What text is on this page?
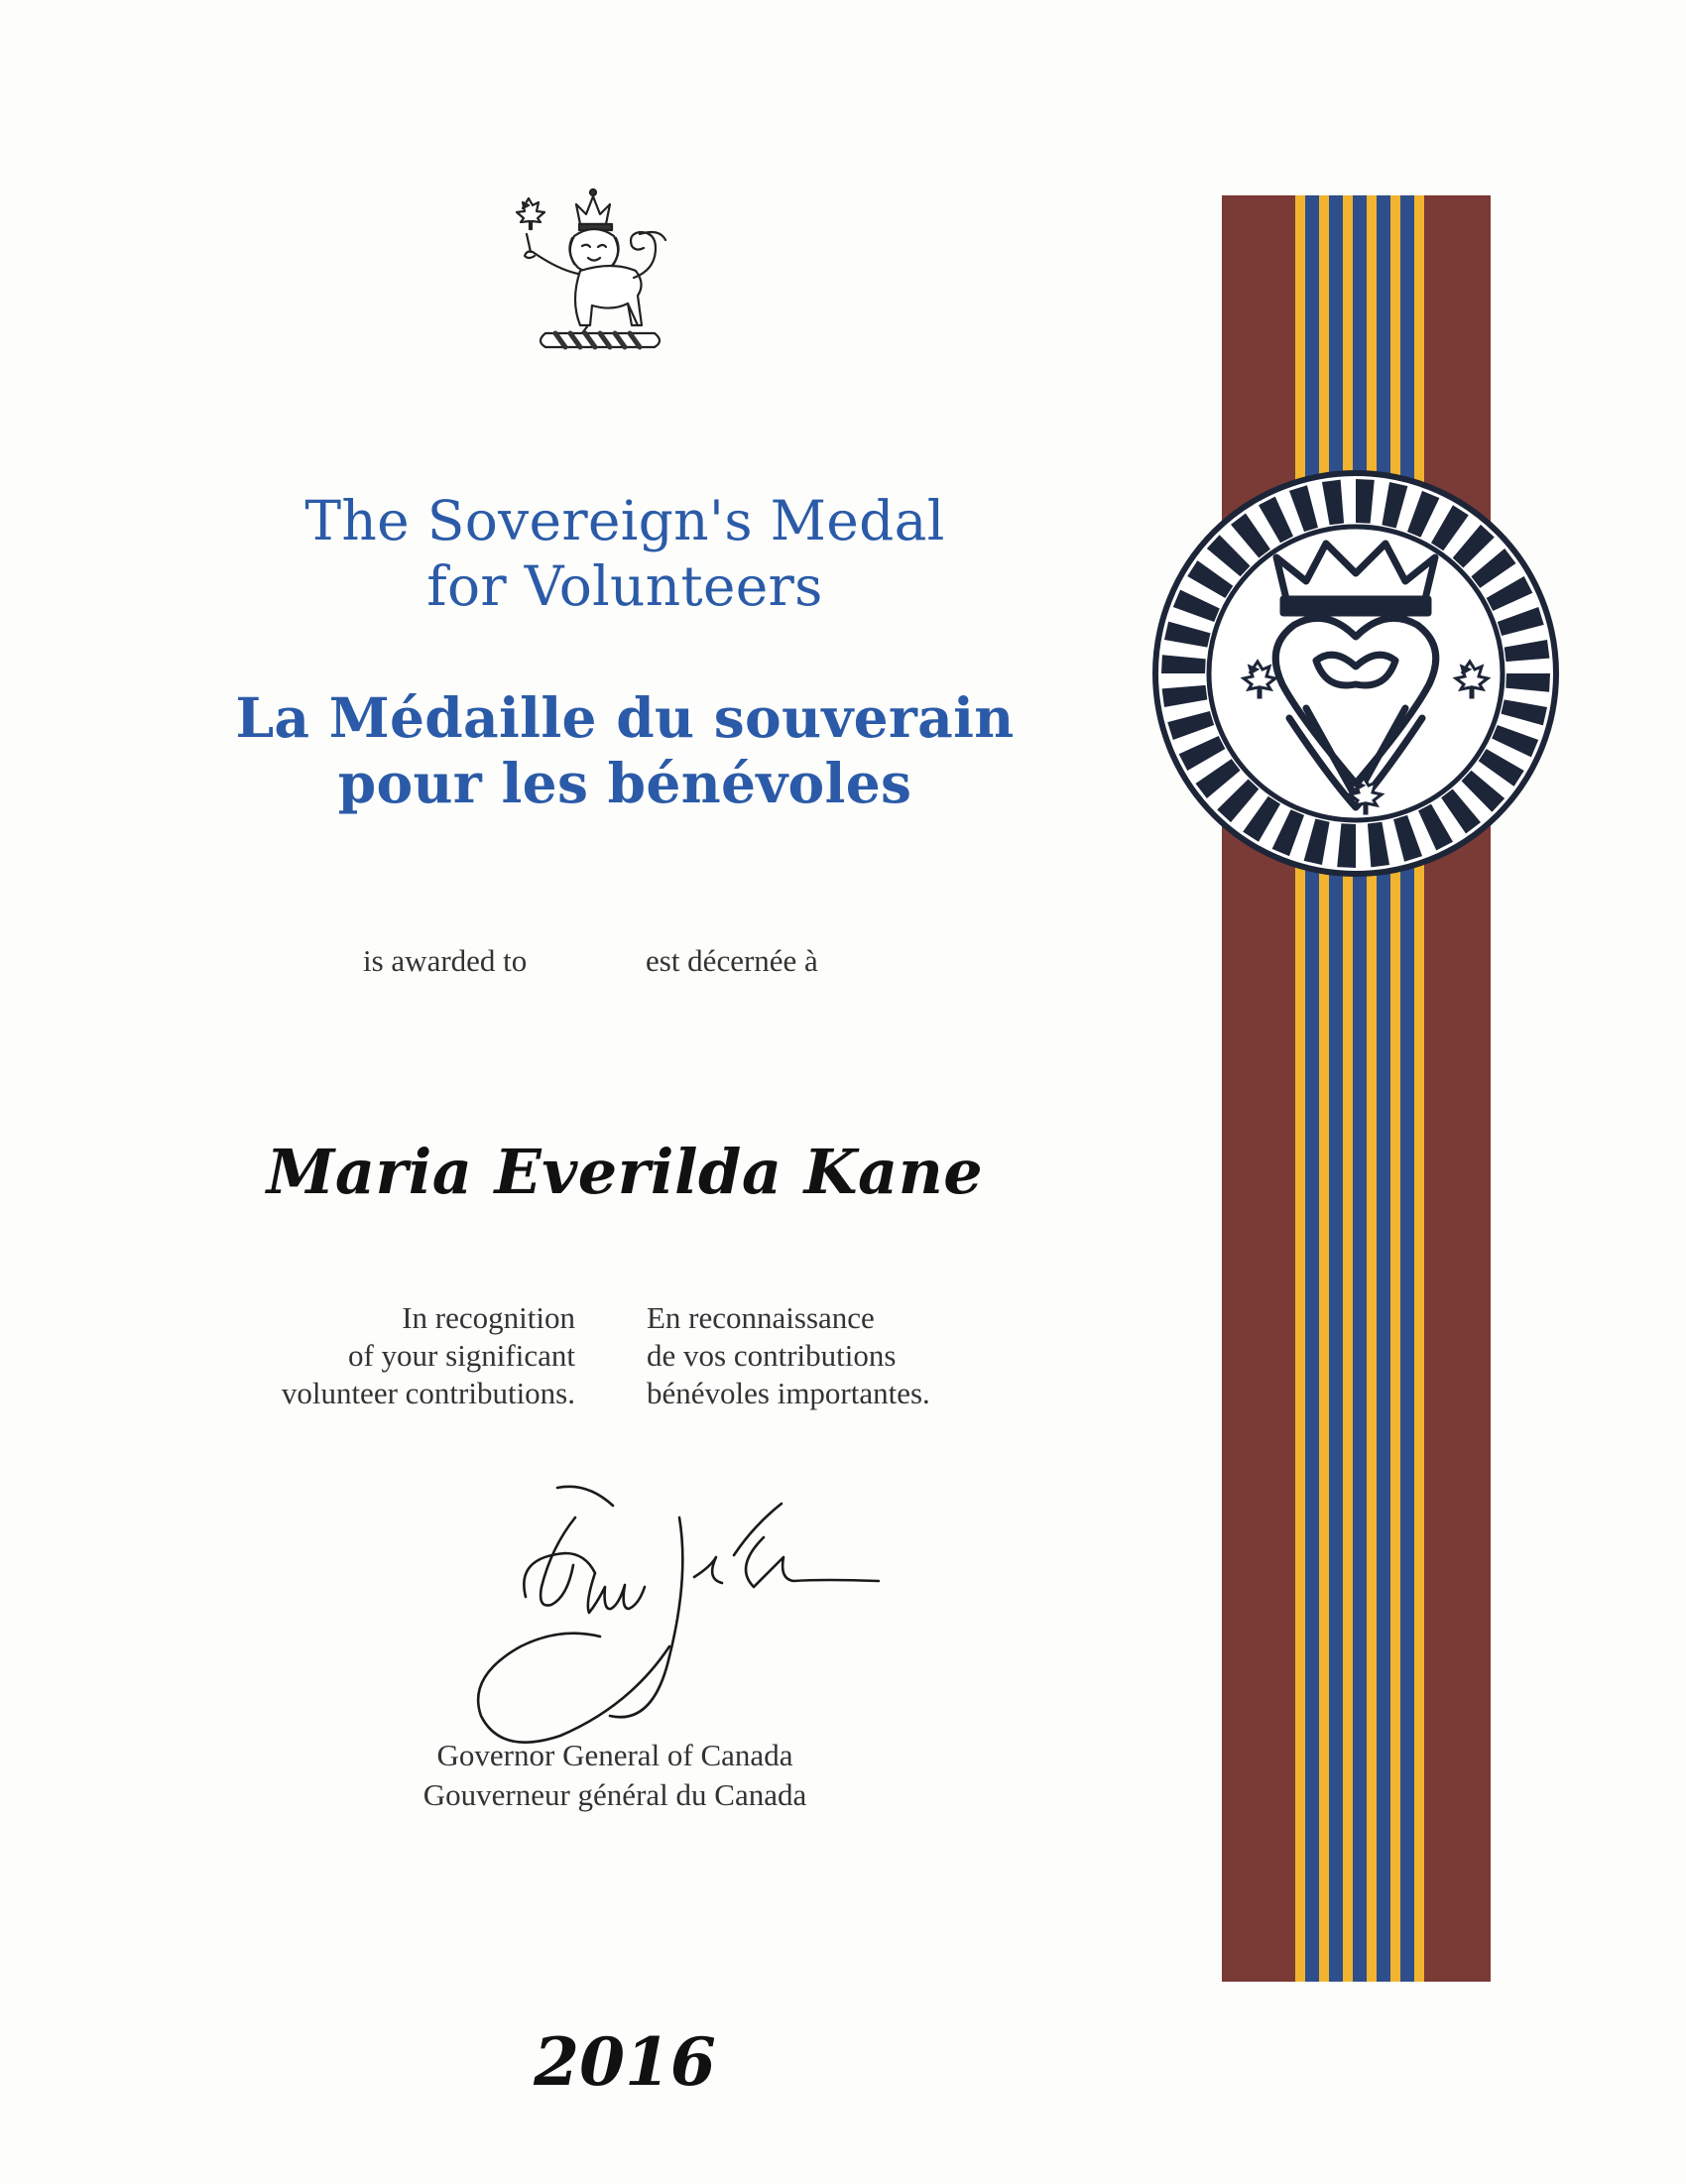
The Sovereign's Medal
for Volunteers
La Médaille du souverain
pour les bénévoles
is awarded to	est décernée à
Maria Everilda Kane
In recognition
of your significant
volunteer contributions.
En reconnaissance
de vos contributions
bénévoles importantes.
Governor General of Canada
Gouverneur général du Canada
2016
